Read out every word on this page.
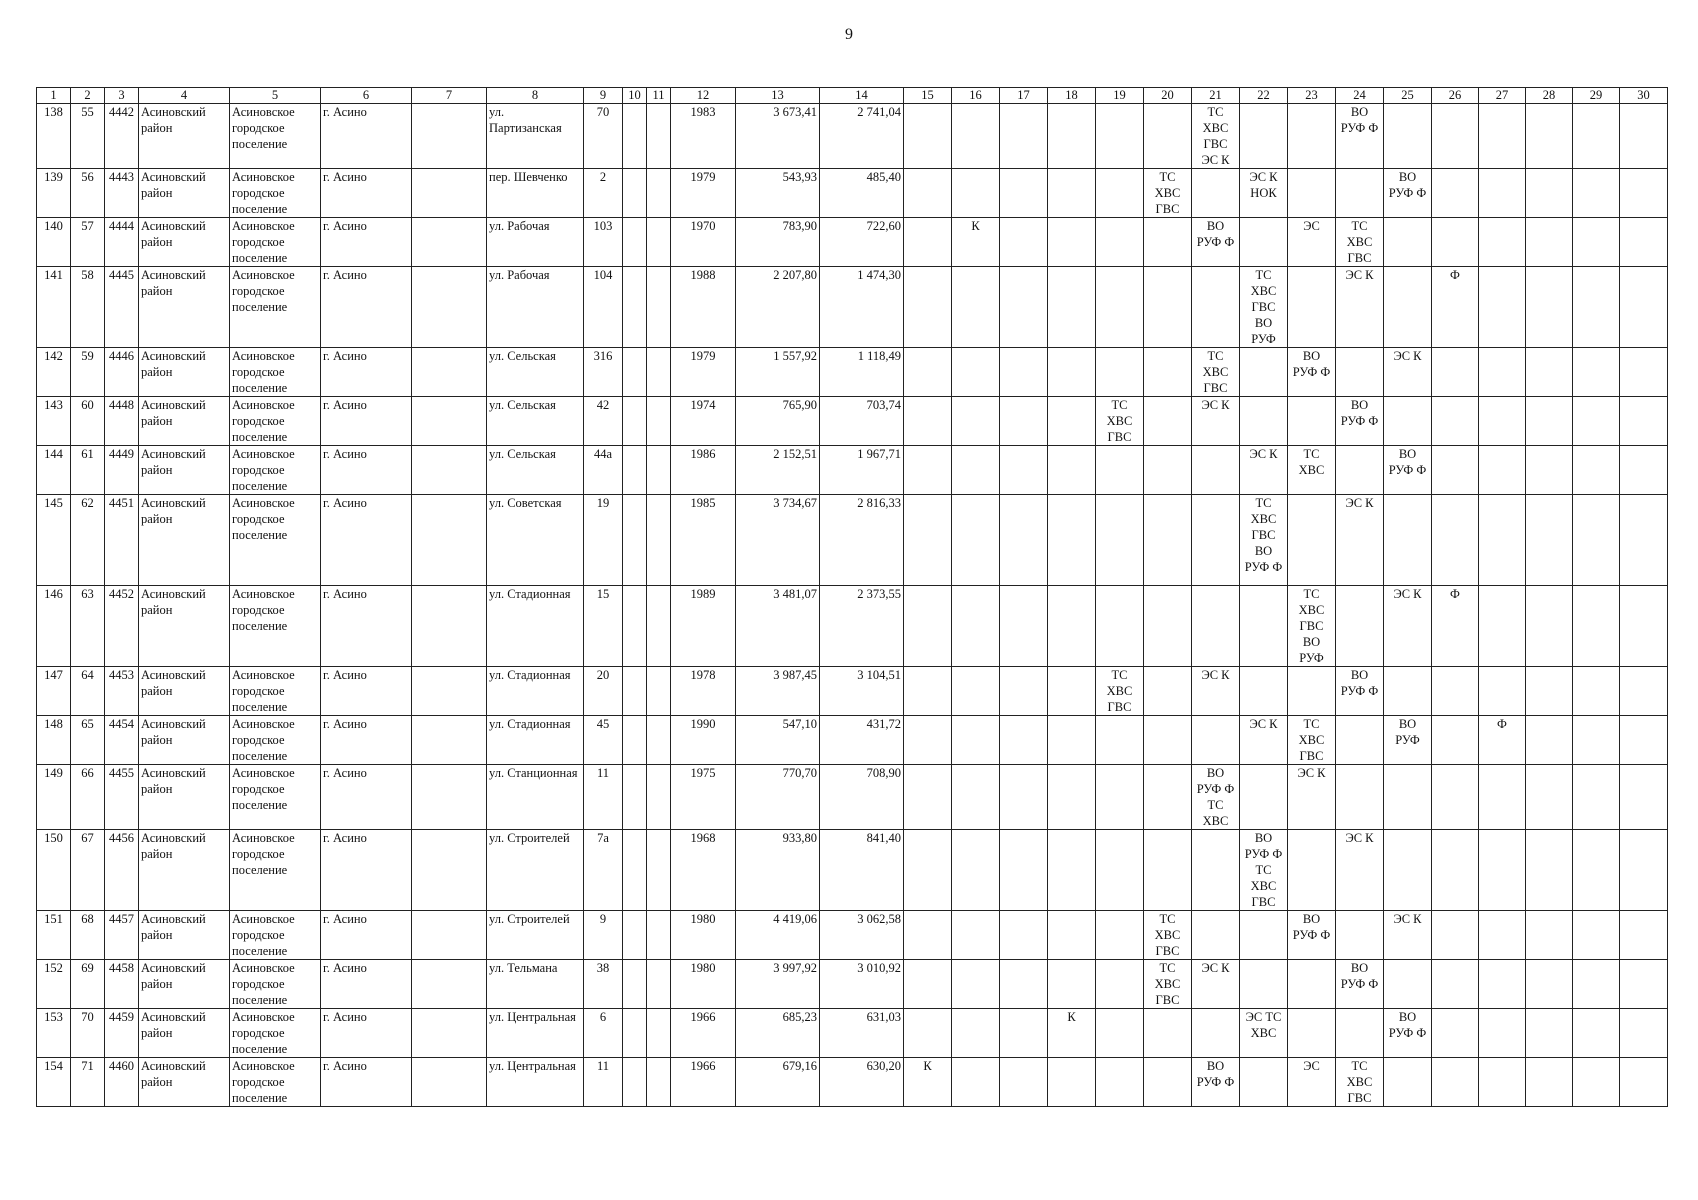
9
1	2	3	4	5	6	7	8	9	10	11	12	13	14	15	16	17	18	19	20	21	22	23	24	25	26	27	28	29	30
138	55	4442	Асиновский
район	Асиновское
городское
поселение	г. Асино		ул.
Партизанская	70			1983	3 673,41	2 741,04							ТС
ХВС
ГВС
ЭС К			ВО
РУФ Ф						
139	56	4443	Асиновский
район	Асиновское
городское
поселение	г. Асино		пер. Шевченко	2			1979	543,93	485,40						ТС
ХВС
ГВС		ЭС К
НОК			ВО
РУФ Ф					
140	57	4444	Асиновский
район	Асиновское
городское
поселение	г. Асино		ул. Рабочая	103			1970	783,90	722,60		К					ВО
РУФ Ф		ЭС	ТС
ХВС
ГВС						
141	58	4445	Асиновский
район	Асиновское
городское
поселение	г. Асино		ул. Рабочая	104			1988	2 207,80	1 474,30								ТС
ХВС
ГВС
ВО
РУФ		ЭС К		Ф				
142	59	4446	Асиновский
район	Асиновское
городское
поселение	г. Асино		ул. Сельская	316			1979	1 557,92	1 118,49							ТС
ХВС
ГВС		ВО
РУФ Ф		ЭС К					
143	60	4448	Асиновский
район	Асиновское
городское
поселение	г. Асино		ул. Сельская	42			1974	765,90	703,74					ТС
ХВС
ГВС		ЭС К			ВО
РУФ Ф						
144	61	4449	Асиновский
район	Асиновское
городское
поселение	г. Асино		ул. Сельская	44а			1986	2 152,51	1 967,71								ЭС К	ТС
ХВС		ВО
РУФ Ф					
145	62	4451	Асиновский
район	Асиновское
городское
поселение	г. Асино		ул. Советская	19			1985	3 734,67	2 816,33								ТС
ХВС
ГВС
ВО
РУФ Ф		ЭС К						
146	63	4452	Асиновский
район	Асиновское
городское
поселение	г. Асино		ул. Стадионная	15			1989	3 481,07	2 373,55									ТС
ХВС
ГВС
ВО
РУФ		ЭС К	Ф				
147	64	4453	Асиновский
район	Асиновское
городское
поселение	г. Асино		ул. Стадионная	20			1978	3 987,45	3 104,51					ТС
ХВС
ГВС		ЭС К			ВО
РУФ Ф						
148	65	4454	Асиновский
район	Асиновское
городское
поселение	г. Асино		ул. Стадионная	45			1990	547,10	431,72								ЭС К	ТС
ХВС
ГВС		ВО
РУФ		Ф			
149	66	4455	Асиновский
район	Асиновское
городское
поселение	г. Асино		ул. Станционная	11			1975	770,70	708,90							ВО
РУФ Ф
ТС
ХВС		ЭС К							
150	67	4456	Асиновский
район	Асиновское
городское
поселение	г. Асино		ул. Строителей	7а			1968	933,80	841,40								ВО
РУФ Ф
ТС
ХВС
ГВС		ЭС К						
151	68	4457	Асиновский
район	Асиновское
городское
поселение	г. Асино		ул. Строителей	9			1980	4 419,06	3 062,58						ТС
ХВС
ГВС			ВО
РУФ Ф		ЭС К					
152	69	4458	Асиновский
район	Асиновское
городское
поселение	г. Асино		ул. Тельмана	38			1980	3 997,92	3 010,92						ТС
ХВС
ГВС	ЭС К			ВО
РУФ Ф						
153	70	4459	Асиновский
район	Асиновское
городское
поселение	г. Асино		ул. Центральная	6			1966	685,23	631,03				К				ЭС ТС
ХВС			ВО
РУФ Ф					
154	71	4460	Асиновский
район	Асиновское
городское
поселение	г. Асино		ул. Центральная	11			1966	679,16	630,20	К						ВО
РУФ Ф		ЭС	ТС
ХВС
ГВС						
